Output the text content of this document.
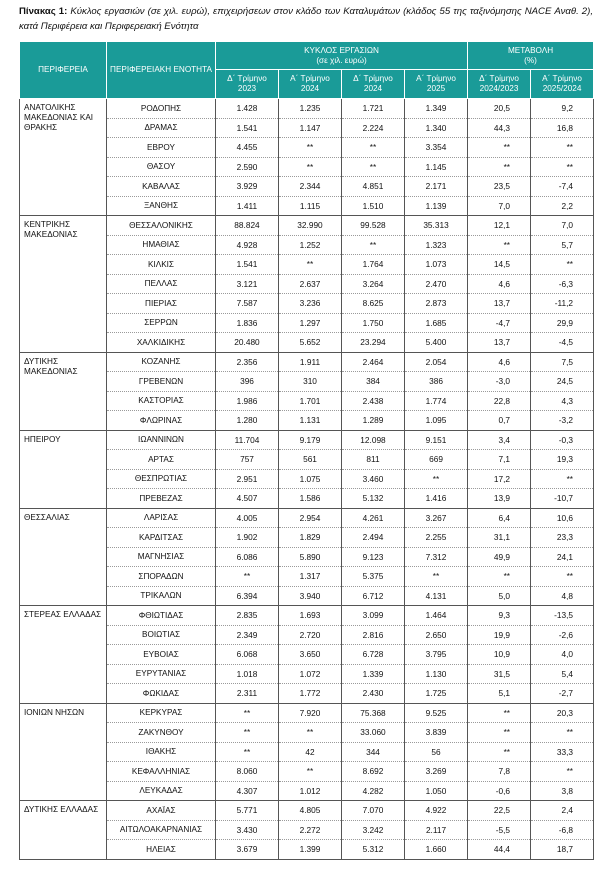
Πίνακας 1: Κύκλος εργασιών (σε χιλ. ευρώ), επιχειρήσεων στον κλάδο των Καταλυμάτων (κλάδος 55 της ταξινόμησης NACE Αναθ. 2), κατά Περιφέρεια και Περιφερειακή Ενότητα
ΠΕΡΙΦΕΡΕΙΑ	ΠΕΡΙΦΕΡΕΙΑΚΗ ΕΝΟΤΗΤΑ	ΚΥΚΛΟΣ ΕΡΓΑΣΙΩΝ
(σε χιλ. ευρώ)				ΜΕΤΑΒΟΛΗ
(%)	
		Δ΄ Τρίμηνο 2023	Α΄ Τρίμηνο 2024	Δ΄ Τρίμηνο 2024	Α΄ Τρίμηνο 2025	Δ΄ Τρίμηνο 2024/2023	Α΄ Τρίμηνο 2025/2024
ΑΝΑΤΟΛΙΚΗΣ ΜΑΚΕΔΟΝΙΑΣ ΚΑΙ ΘΡΑΚΗΣ	ΡΟΔΟΠΗΣ	1.428	1.235	1.721	1.349	20,5	9,2
	ΔΡΑΜΑΣ	1.541	1.147	2.224	1.340	44,3	16,8
	ΕΒΡΟΥ	4.455	**	**	3.354	**	**
	ΘΑΣΟΥ	2.590	**	**	1.145	**	**
	ΚΑΒΑΛΑΣ	3.929	2.344	4.851	2.171	23,5	-7,4
	ΞΑΝΘΗΣ	1.411	1.115	1.510	1.139	7,0	2,2
ΚΕΝΤΡΙΚΗΣ ΜΑΚΕΔΟΝΙΑΣ	ΘΕΣΣΑΛΟΝΙΚΗΣ	88.824	32.990	99.528	35.313	12,1	7,0
	ΗΜΑΘΙΑΣ	4.928	1.252	**	1.323	**	5,7
	ΚΙΛΚΙΣ	1.541	**	1.764	1.073	14,5	**
	ΠΕΛΛΑΣ	3.121	2.637	3.264	2.470	4,6	-6,3
	ΠΙΕΡΙΑΣ	7.587	3.236	8.625	2.873	13,7	-11,2
	ΣΕΡΡΩΝ	1.836	1.297	1.750	1.685	-4,7	29,9
	ΧΑΛΚΙΔΙΚΗΣ	20.480	5.652	23.294	5.400	13,7	-4,5
ΔΥΤΙΚΗΣ ΜΑΚΕΔΟΝΙΑΣ	ΚΟΖΑΝΗΣ	2.356	1.911	2.464	2.054	4,6	7,5
	ΓΡΕΒΕΝΩΝ	396	310	384	386	-3,0	24,5
	ΚΑΣΤΟΡΙΑΣ	1.986	1.701	2.438	1.774	22,8	4,3
	ΦΛΩΡΙΝΑΣ	1.280	1.131	1.289	1.095	0,7	-3,2
ΗΠΕΙΡΟΥ	ΙΩΑΝΝΙΝΩΝ	11.704	9.179	12.098	9.151	3,4	-0,3
	ΑΡΤΑΣ	757	561	811	669	7,1	19,3
	ΘΕΣΠΡΩΤΙΑΣ	2.951	1.075	3.460	**	17,2	**
	ΠΡΕΒΕΖΑΣ	4.507	1.586	5.132	1.416	13,9	-10,7
ΘΕΣΣΑΛΙΑΣ	ΛΑΡΙΣΑΣ	4.005	2.954	4.261	3.267	6,4	10,6
	ΚΑΡΔΙΤΣΑΣ	1.902	1.829	2.494	2.255	31,1	23,3
	ΜΑΓΝΗΣΙΑΣ	6.086	5.890	9.123	7.312	49,9	24,1
	ΣΠΟΡΑΔΩΝ	**	1.317	5.375	**	**	**
	ΤΡΙΚΑΛΩΝ	6.394	3.940	6.712	4.131	5,0	4,8
ΣΤΕΡΕΑΣ ΕΛΛΑΔΑΣ	ΦΘΙΩΤΙΔΑΣ	2.835	1.693	3.099	1.464	9,3	-13,5
	ΒΟΙΩΤΙΑΣ	2.349	2.720	2.816	2.650	19,9	-2,6
	ΕΥΒΟΙΑΣ	6.068	3.650	6.728	3.795	10,9	4,0
	ΕΥΡΥΤΑΝΙΑΣ	1.018	1.072	1.339	1.130	31,5	5,4
	ΦΩΚΙΔΑΣ	2.311	1.772	2.430	1.725	5,1	-2,7
ΙΟΝΙΩΝ ΝΗΣΩΝ	ΚΕΡΚΥΡΑΣ	**	7.920	75.368	9.525	**	20,3
	ΖΑΚΥΝΘΟΥ	**	**	33.060	3.839	**	**
	ΙΘΑΚΗΣ	**	42	344	56	**	33,3
	ΚΕΦΑΛΛΗΝΙΑΣ	8.060	**	8.692	3.269	7,8	**
	ΛΕΥΚΑΔΑΣ	4.307	1.012	4.282	1.050	-0,6	3,8
ΔΥΤΙΚΗΣ ΕΛΛΑΔΑΣ	ΑΧΑΪΑΣ	5.771	4.805	7.070	4.922	22,5	2,4
	ΑΙΤΩΛΟΑΚΑΡΝΑΝΙΑΣ	3.430	2.272	3.242	2.117	-5,5	-6,8
	ΗΛΕΙΑΣ	3.679	1.399	5.312	1.660	44,4	18,7
